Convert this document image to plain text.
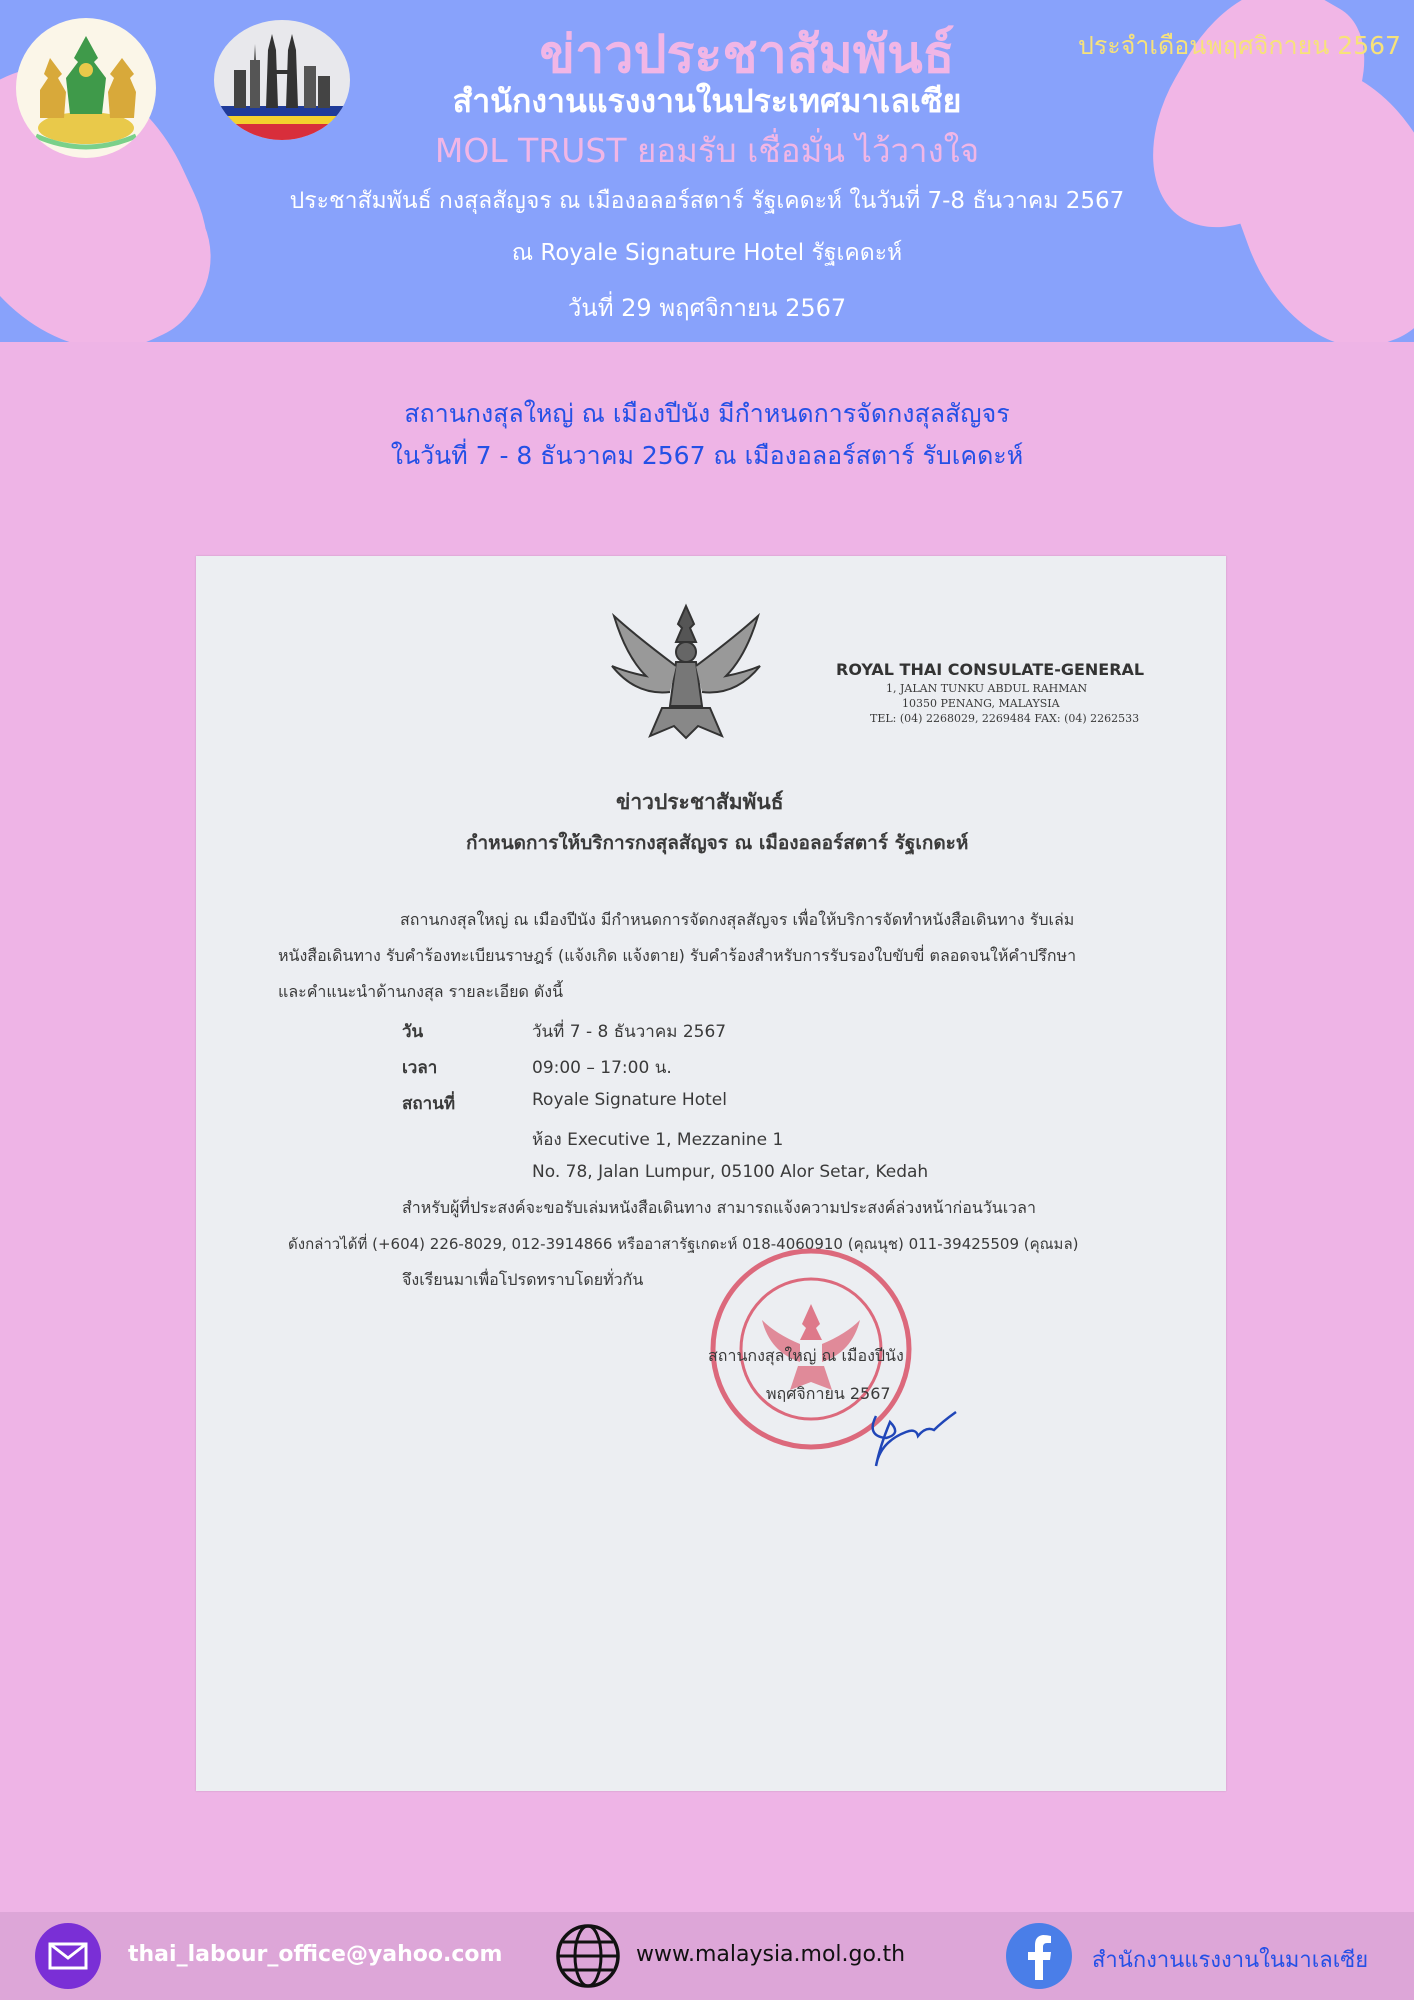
ข่าวประชาสัมพันธ์	ประจำเดือนพฤศจิกายน 2567
สำนักงานแรงงานในประเทศมาเลเซีย
MOL TRUST ยอมรับ เชื่อมั่น ไว้วางใจ
ประชาสัมพันธ์ กงสุลสัญจร ณ เมืองอลอร์สตาร์ รัฐเคดะห์ ในวันที่ 7-8 ธันวาคม 2567
ณ Royale Signature Hotel รัฐเคดะห์
วันที่ 29 พฤศจิกายน 2567
สถานกงสุลใหญ่ ณ เมืองปีนัง มีกำหนดการจัดกงสุลสัญจร
ในวันที่ 7 - 8 ธันวาคม 2567 ณ เมืองอลอร์สตาร์ รับเคดะห์
ROYAL THAI CONSULATE-GENERAL
1, JALAN TUNKU ABDUL RAHMAN
10350 PENANG, MALAYSIA
TEL: (04) 2268029, 2269484 FAX: (04) 2262533
ข่าวประชาสัมพันธ์
กำหนดการให้บริการกงสุลสัญจร ณ เมืองอลอร์สตาร์ รัฐเกดะห์
สถานกงสุลใหญ่ ณ เมืองปีนัง มีกำหนดการจัดกงสุลสัญจร เพื่อให้บริการจัดทำหนังสือเดินทาง รับเล่ม
หนังสือเดินทาง รับคำร้องทะเบียนราษฎร์ (แจ้งเกิด แจ้งตาย) รับคำร้องสำหรับการรับรองใบขับขี่ ตลอดจนให้คำปรึกษา
และคำแนะนำด้านกงสุล รายละเอียด ดังนี้
วัน	วันที่ 7 - 8 ธันวาคม 2567
เวลา	09:00 – 17:00 น.
สถานที่	Royale Signature Hotel
ห้อง Executive 1, Mezzanine 1
No. 78, Jalan Lumpur, 05100 Alor Setar, Kedah
สำหรับผู้ที่ประสงค์จะขอรับเล่มหนังสือเดินทาง สามารถแจ้งความประสงค์ล่วงหน้าก่อนวันเวลา
ดังกล่าวได้ที่ (+604) 226-8029, 012-3914866 หรืออาสารัฐเกดะห์ 018-4060910 (คุณนุช) 011-39425509 (คุณมล)
จึงเรียนมาเพื่อโปรดทราบโดยทั่วกัน
สถานกงสุลใหญ่ ณ เมืองปีนัง
พฤศจิกายน 2567
thai_labour_office@yahoo.com	www.malaysia.mol.go.th	สำนักงานแรงงานในมาเลเซีย
